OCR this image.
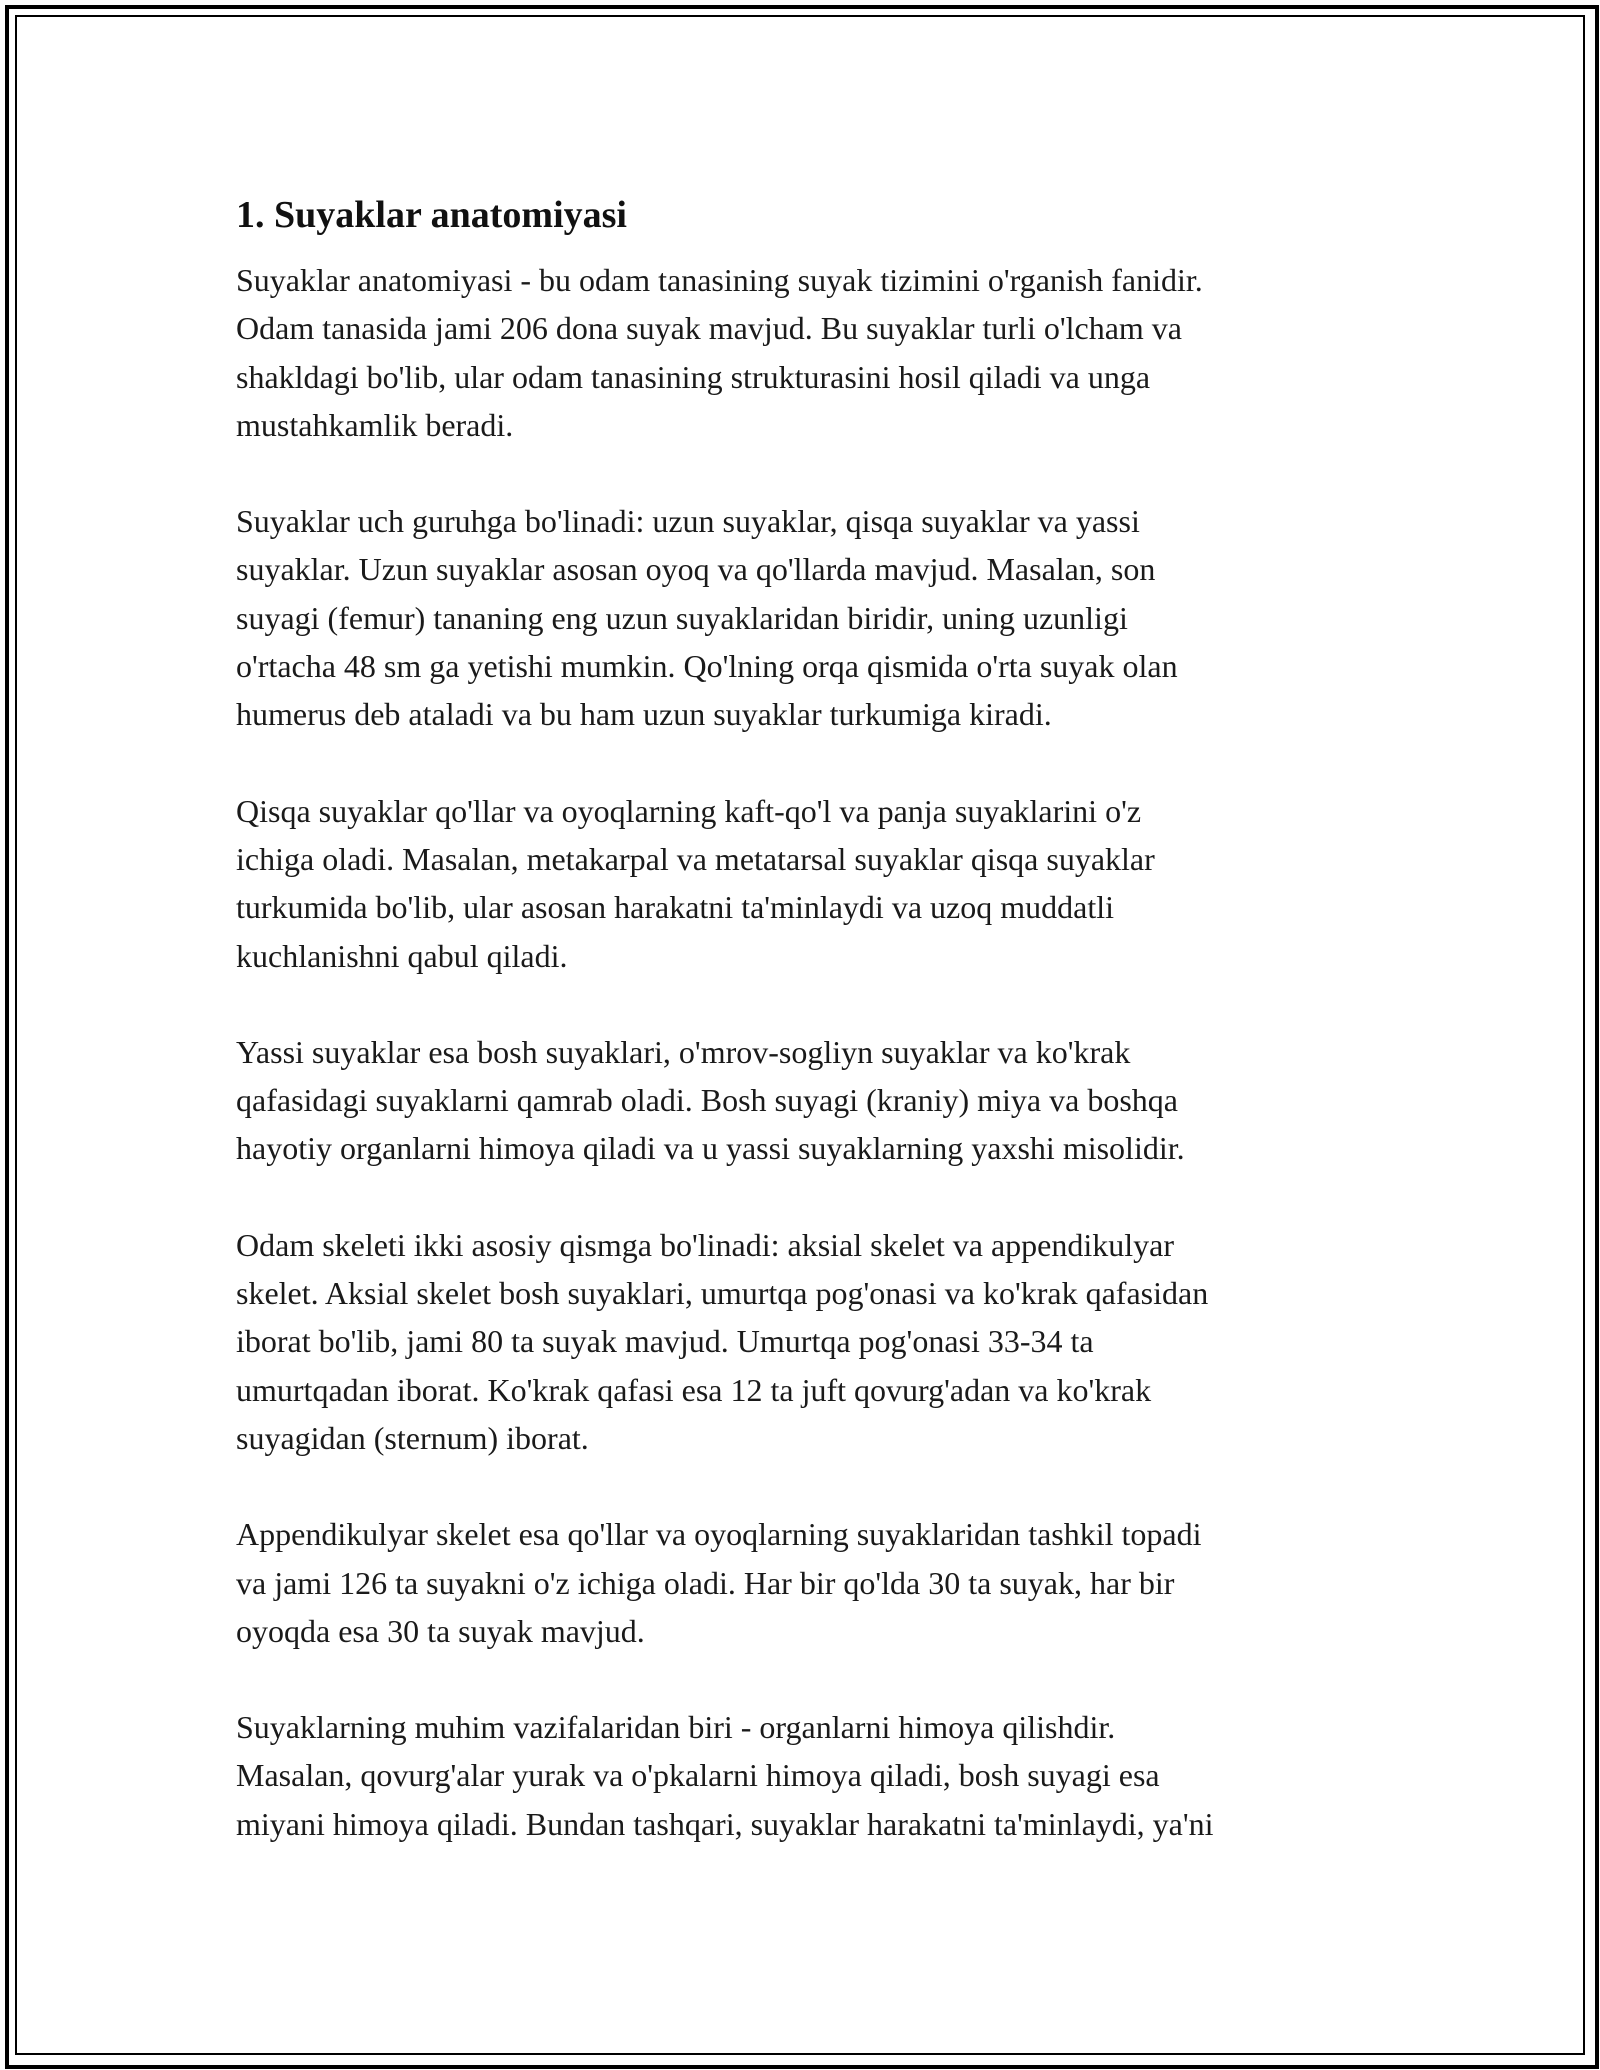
1. Suyaklar anatomiyasi

Suyaklar anatomiyasi - bu odam tanasining suyak tizimini o'rganish fanidir.
Odam tanasida jami 206 dona suyak mavjud. Bu suyaklar turli o'lcham va
shakldagi bo'lib, ular odam tanasining strukturasini hosil qiladi va unga
mustahkamlik beradi.

Suyaklar uch guruhga bo'linadi: uzun suyaklar, qisqa suyaklar va yassi
suyaklar. Uzun suyaklar asosan oyoq va qo'llarda mavjud. Masalan, son
suyagi (femur) tananing eng uzun suyaklaridan biridir, uning uzunligi
o'rtacha 48 sm ga yetishi mumkin. Qo'lning orqa qismida o'rta suyak olan
humerus deb ataladi va bu ham uzun suyaklar turkumiga kiradi.

Qisqa suyaklar qo'llar va oyoqlarning kaft-qo'l va panja suyaklarini o'z
ichiga oladi. Masalan, metakarpal va metatarsal suyaklar qisqa suyaklar
turkumida bo'lib, ular asosan harakatni ta'minlaydi va uzoq muddatli
kuchlanishni qabul qiladi.

Yassi suyaklar esa bosh suyaklari, o'mrov-sogliyn suyaklar va ko'krak
qafasidagi suyaklarni qamrab oladi. Bosh suyagi (kraniy) miya va boshqa
hayotiy organlarni himoya qiladi va u yassi suyaklarning yaxshi misolidir.

Odam skeleti ikki asosiy qismga bo'linadi: aksial skelet va appendikulyar
skelet. Aksial skelet bosh suyaklari, umurtqa pog'onasi va ko'krak qafasidan
iborat bo'lib, jami 80 ta suyak mavjud. Umurtqa pog'onasi 33-34 ta
umurtqadan iborat. Ko'krak qafasi esa 12 ta juft qovurg'adan va ko'krak
suyagidan (sternum) iborat.

Appendikulyar skelet esa qo'llar va oyoqlarning suyaklaridan tashkil topadi
va jami 126 ta suyakni o'z ichiga oladi. Har bir qo'lda 30 ta suyak, har bir
oyoqda esa 30 ta suyak mavjud.

Suyaklarning muhim vazifalaridan biri - organlarni himoya qilishdir.
Masalan, qovurg'alar yurak va o'pkalarni himoya qiladi, bosh suyagi esa
miyani himoya qiladi. Bundan tashqari, suyaklar harakatni ta'minlaydi, ya'ni
